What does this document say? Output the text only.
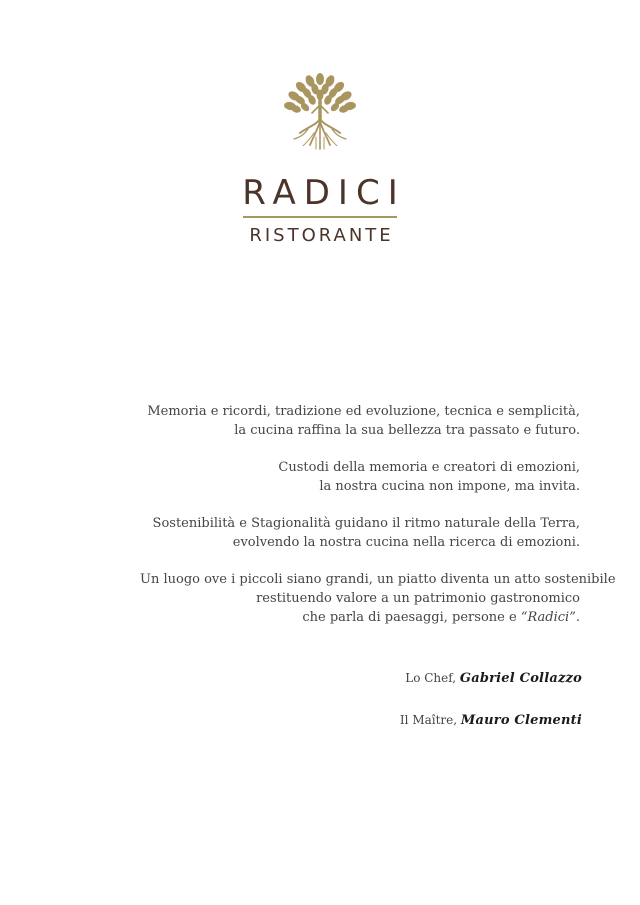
RADICI
RISTORANTE

Memoria e ricordi, tradizione ed evoluzione, tecnica e semplicità,
la cucina raffina la sua bellezza tra passato e futuro.

Custodi della memoria e creatori di emozioni,
la nostra cucina non impone, ma invita.

Sostenibilità e Stagionalità guidano il ritmo naturale della Terra,
evolvendo la nostra cucina nella ricerca di emozioni.

Un luogo ove i piccoli siano grandi, un piatto diventa un atto sostenibile
restituendo valore a un patrimonio gastronomico
che parla di paesaggi, persone e “Radici”.

Lo Chef, Gabriel Collazzo
Il Maître, Mauro Clementi
